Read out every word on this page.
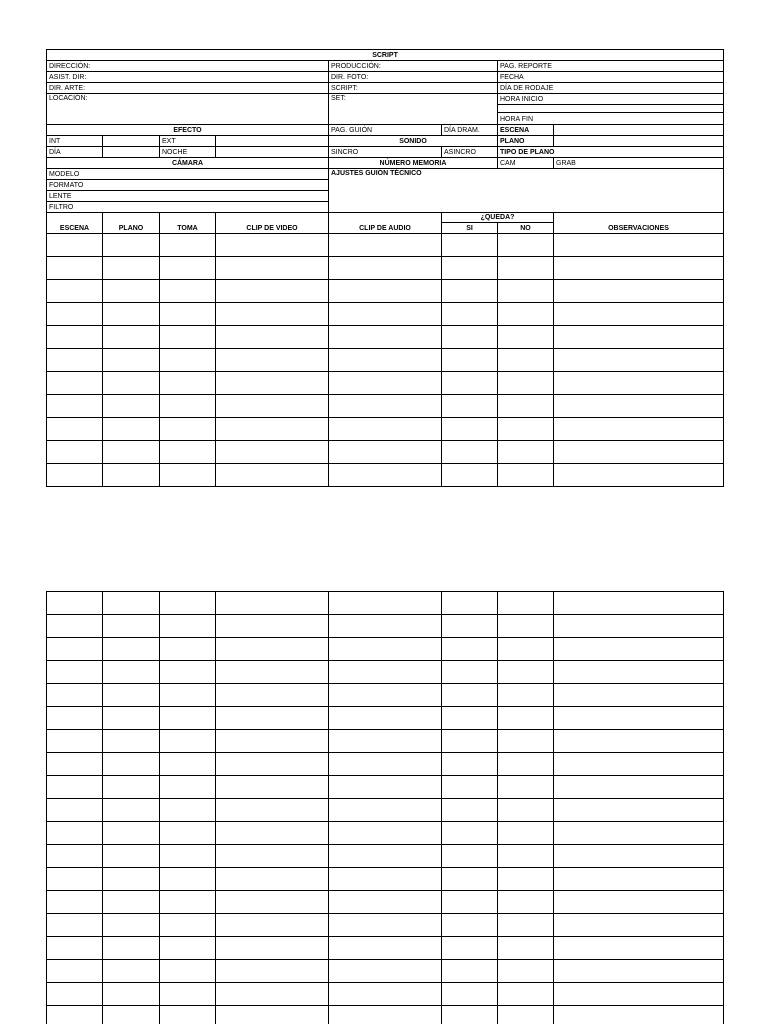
SCRIPT							
DIRECCIÓN:				PRODUCCIÓN:		PAG. REPORTE	
ASIST. DIR:				DIR. FOTO:		FECHA	
DIR. ARTE:				SCRIPT:		DÍA DE RODAJE	
LOCACIÓN:				SET:		HORA INICIO	

						HORA FIN	
EFECTO				PAG. GUIÓN	DÍA DRAM.	ESCENA	
INT		EXT		SONIDO		PLANO	
DÍA		NOCHE		SINCRO	ASINCRO	TIPO DE PLANO	
CÁMARA				NÚMERO MEMORIA		CAM	GRAB
MODELO				AJUSTES GUIÓN TÉCNICO			
FORMATO							
LENTE							
FILTRO							
ESCENA	PLANO	TOMA	CLIP DE VIDEO	CLIP DE AUDIO	¿QUEDA?		OBSERVACIONES
					SI	NO	
